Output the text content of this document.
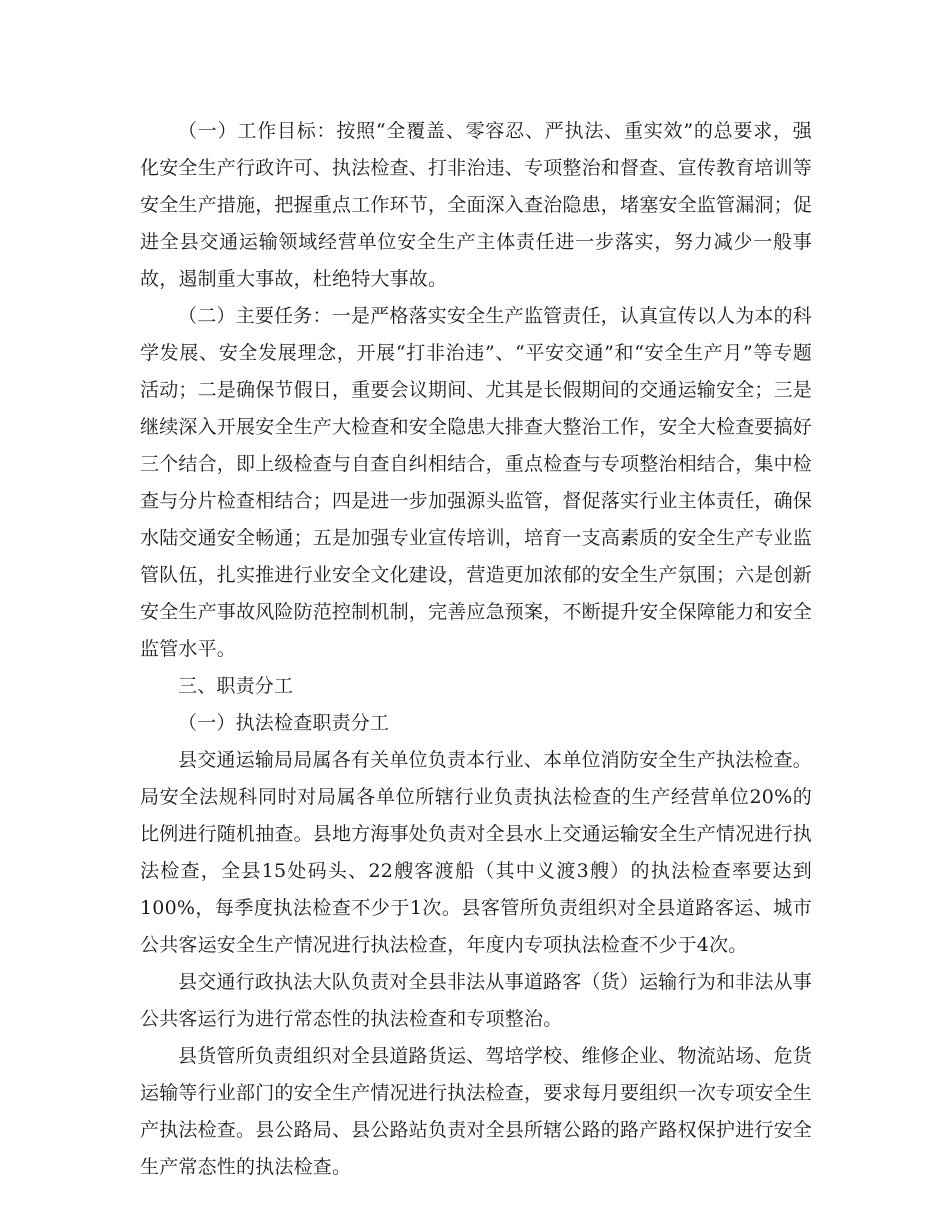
（一）工作目标：按照“全覆盖、零容忍、严执法、重实效”的总要求，强化安全生产行政许可、执法检查、打非治违、专项整治和督查、宣传教育培训等安全生产措施，把握重点工作环节，全面深入查治隐患，堵塞安全监管漏洞；促进全县交通运输领域经营单位安全生产主体责任进一步落实，努力减少一般事故，遏制重大事故，杜绝特大事故。

（二）主要任务：一是严格落实安全生产监管责任，认真宣传以人为本的科学发展、安全发展理念，开展“打非治违”、“平安交通”和“安全生产月”等专题活动；二是确保节假日，重要会议期间、尤其是长假期间的交通运输安全；三是继续深入开展安全生产大检查和安全隐患大排查大整治工作，安全大检查要搞好三个结合，即上级检查与自查自纠相结合，重点检查与专项整治相结合，集中检查与分片检查相结合；四是进一步加强源头监管，督促落实行业主体责任，确保水陆交通安全畅通；五是加强专业宣传培训，培育一支高素质的安全生产专业监管队伍，扎实推进行业安全文化建设，营造更加浓郁的安全生产氛围；六是创新安全生产事故风险防范控制机制，完善应急预案，不断提升安全保障能力和安全监管水平。

三、职责分工

（一）执法检查职责分工

县交通运输局局属各有关单位负责本行业、本单位消防安全生产执法检查。局安全法规科同时对局属各单位所辖行业负责执法检查的生产经营单位20%的比例进行随机抽查。县地方海事处负责对全县水上交通运输安全生产情况进行执法检查，全县15处码头、22艘客渡船（其中义渡3艘）的执法检查率要达到100%，每季度执法检查不少于1次。县客管所负责组织对全县道路客运、城市公共客运安全生产情况进行执法检查，年度内专项执法检查不少于4次。

县交通行政执法大队负责对全县非法从事道路客（货）运输行为和非法从事公共客运行为进行常态性的执法检查和专项整治。

县货管所负责组织对全县道路货运、驾培学校、维修企业、物流站场、危货运输等行业部门的安全生产情况进行执法检查，要求每月要组织一次专项安全生产执法检查。县公路局、县公路站负责对全县所辖公路的路产路权保护进行安全生产常态性的执法检查。
